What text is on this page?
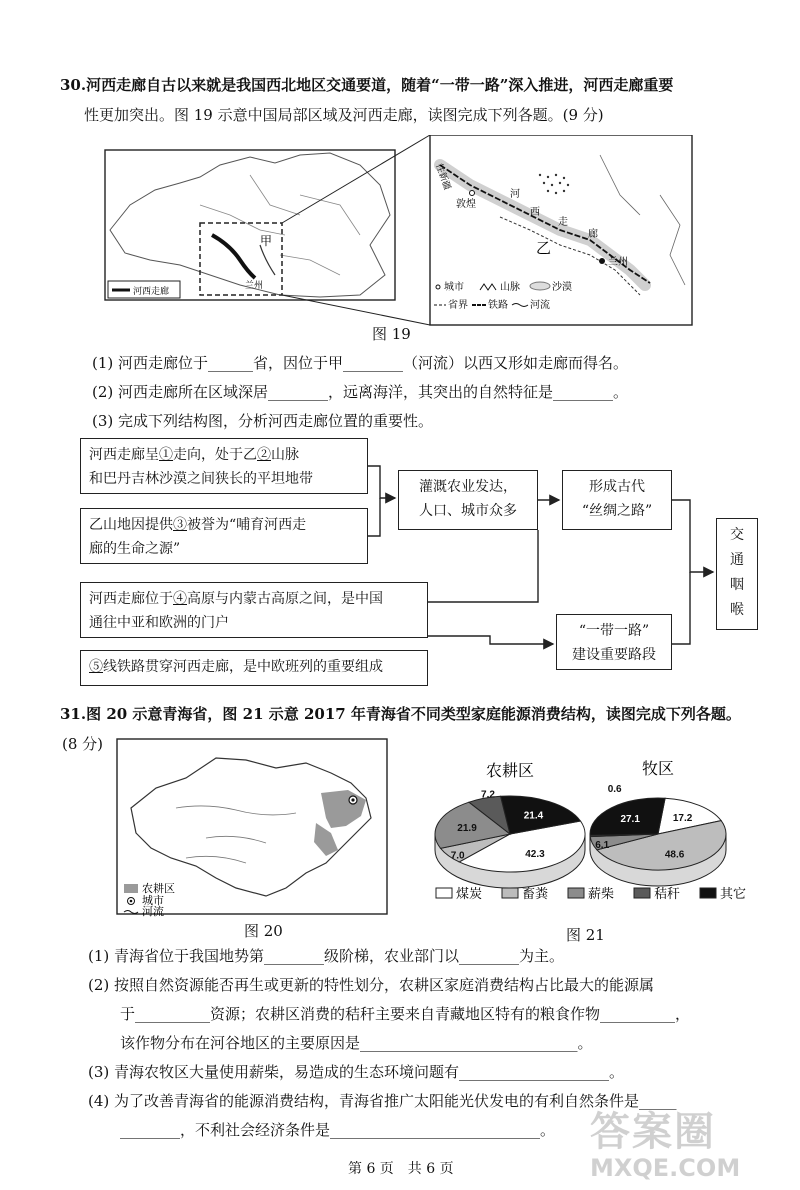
30.河西走廊自古以来就是我国西北地区交通要道，随着“一带一路”深入推进，河西走廊重要
性更加突出。图 19 示意中国局部区域及河西走廊，读图完成下列各题。(9 分)
甲
兰州
河西走廊
往新疆
敦煌
河
西
走
廊
乙
兰州
城市	山脉	沙漠
省界 铁路 河流
图 19
(1) 河西走廊位于______省，因位于甲________（河流）以西又形如走廊而得名。
(2) 河西走廊所在区域深居________，远离海洋，其突出的自然特征是________。
(3) 完成下列结构图，分析河西走廊位置的重要性。
河西走廊呈①走向，处于乙②山脉
和巴丹吉林沙漠之间狭长的平坦地带
乙山地因提供③被誉为“哺育河西走
廊的生命之源”
河西走廊位于④高原与内蒙古高原之间，是中国
通往中亚和欧洲的门户
⑤线铁路贯穿河西走廊，是中欧班列的重要组成
灌溉农业发达，
人口、城市众多
形成古代
“丝绸之路”
“一带一路”
建设重要路段
交
通
咽
喉
31.图 20 示意青海省，图 21 示意 2017 年青海省不同类型家庭能源消费结构，读图完成下列各题。
(8 分)
农耕区
城市
河流
图 20
农耕区	牧区
42.3
7.0
21.9
7.2
21.4	17.2
48.6
6.1
0.6
27.1
煤炭	畜粪	薪柴	秸秆	其它
图 21
(1) 青海省位于我国地势第________级阶梯，农业部门以________为主。
(2) 按照自然资源能否再生或更新的特性划分，农耕区家庭消费结构占比最大的能源属
于__________资源；农耕区消费的秸秆主要来自青藏地区特有的粮食作物__________，
该作物分布在河谷地区的主要原因是_____________________________。
(3) 青海农牧区大量使用薪柴，易造成的生态环境问题有____________________。
(4) 为了改善青海省的能源消费结构，青海省推广太阳能光伏发电的有利自然条件是_____
________，不利社会经济条件是____________________________。
第 6 页　共 6 页
答案圈
MXQE.COM
